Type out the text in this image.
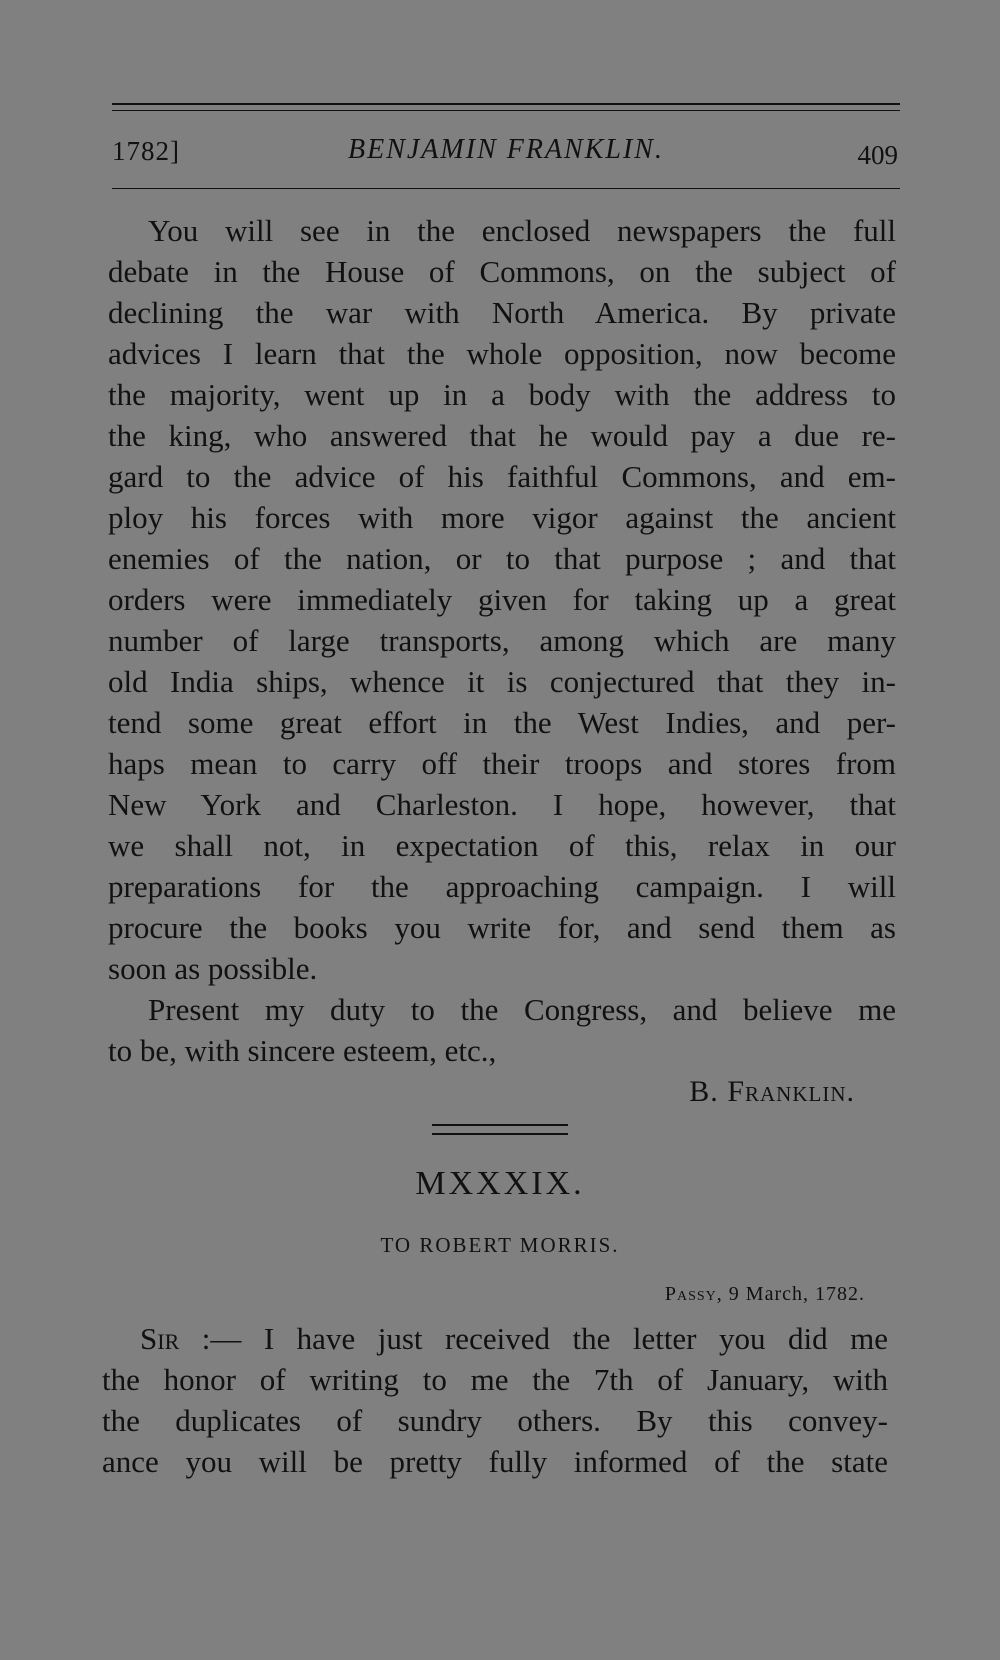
1782]	BENJAMIN FRANKLIN.	409
You will see in the enclosed newspapers the full
debate in the House of Commons, on the subject of
declining the war with North America. By private
advices I learn that the whole opposition, now become
the majority, went up in a body with the address to
the king, who answered that he would pay a due re-
gard to the advice of his faithful Commons, and em-
ploy his forces with more vigor against the ancient
enemies of the nation, or to that purpose ; and that
orders were immediately given for taking up a great
number of large transports, among which are many
old India ships, whence it is conjectured that they in-
tend some great effort in the West Indies, and per-
haps mean to carry off their troops and stores from
New York and Charleston. I hope, however, that
we shall not, in expectation of this, relax in our
preparations for the approaching campaign. I will
procure the books you write for, and send them as
soon as possible.
Present my duty to the Congress, and believe me
to be, with sincere esteem, etc.,
B. Franklin.
MXXXIX.
TO ROBERT MORRIS.
Passy, 9 March, 1782.
Sir :— I have just received the letter you did me
the honor of writing to me the 7th of January, with
the duplicates of sundry others. By this convey-
ance you will be pretty fully informed of the state
